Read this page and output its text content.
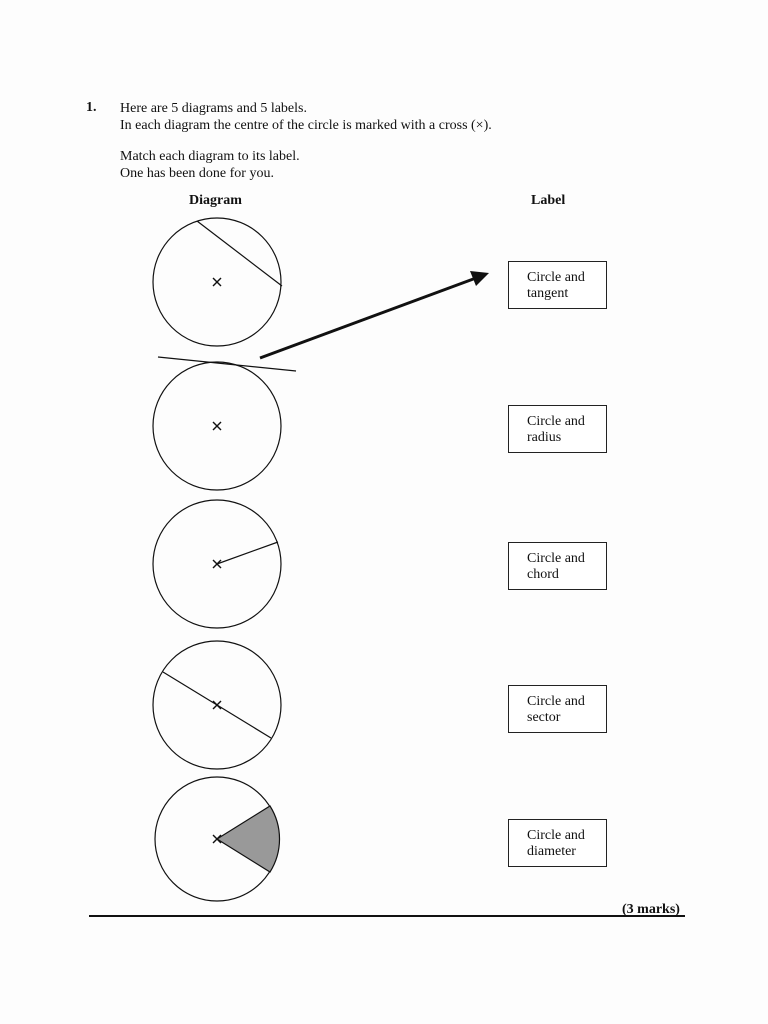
1. Here are 5 diagrams and 5 labels.
In each diagram the centre of the circle is marked with a cross (×).
Match each diagram to its label.
One has been done for you.
Diagram	Label
Circle and
tangent
Circle and
radius
Circle and
chord
Circle and
sector
Circle and
diameter
(3 marks)
